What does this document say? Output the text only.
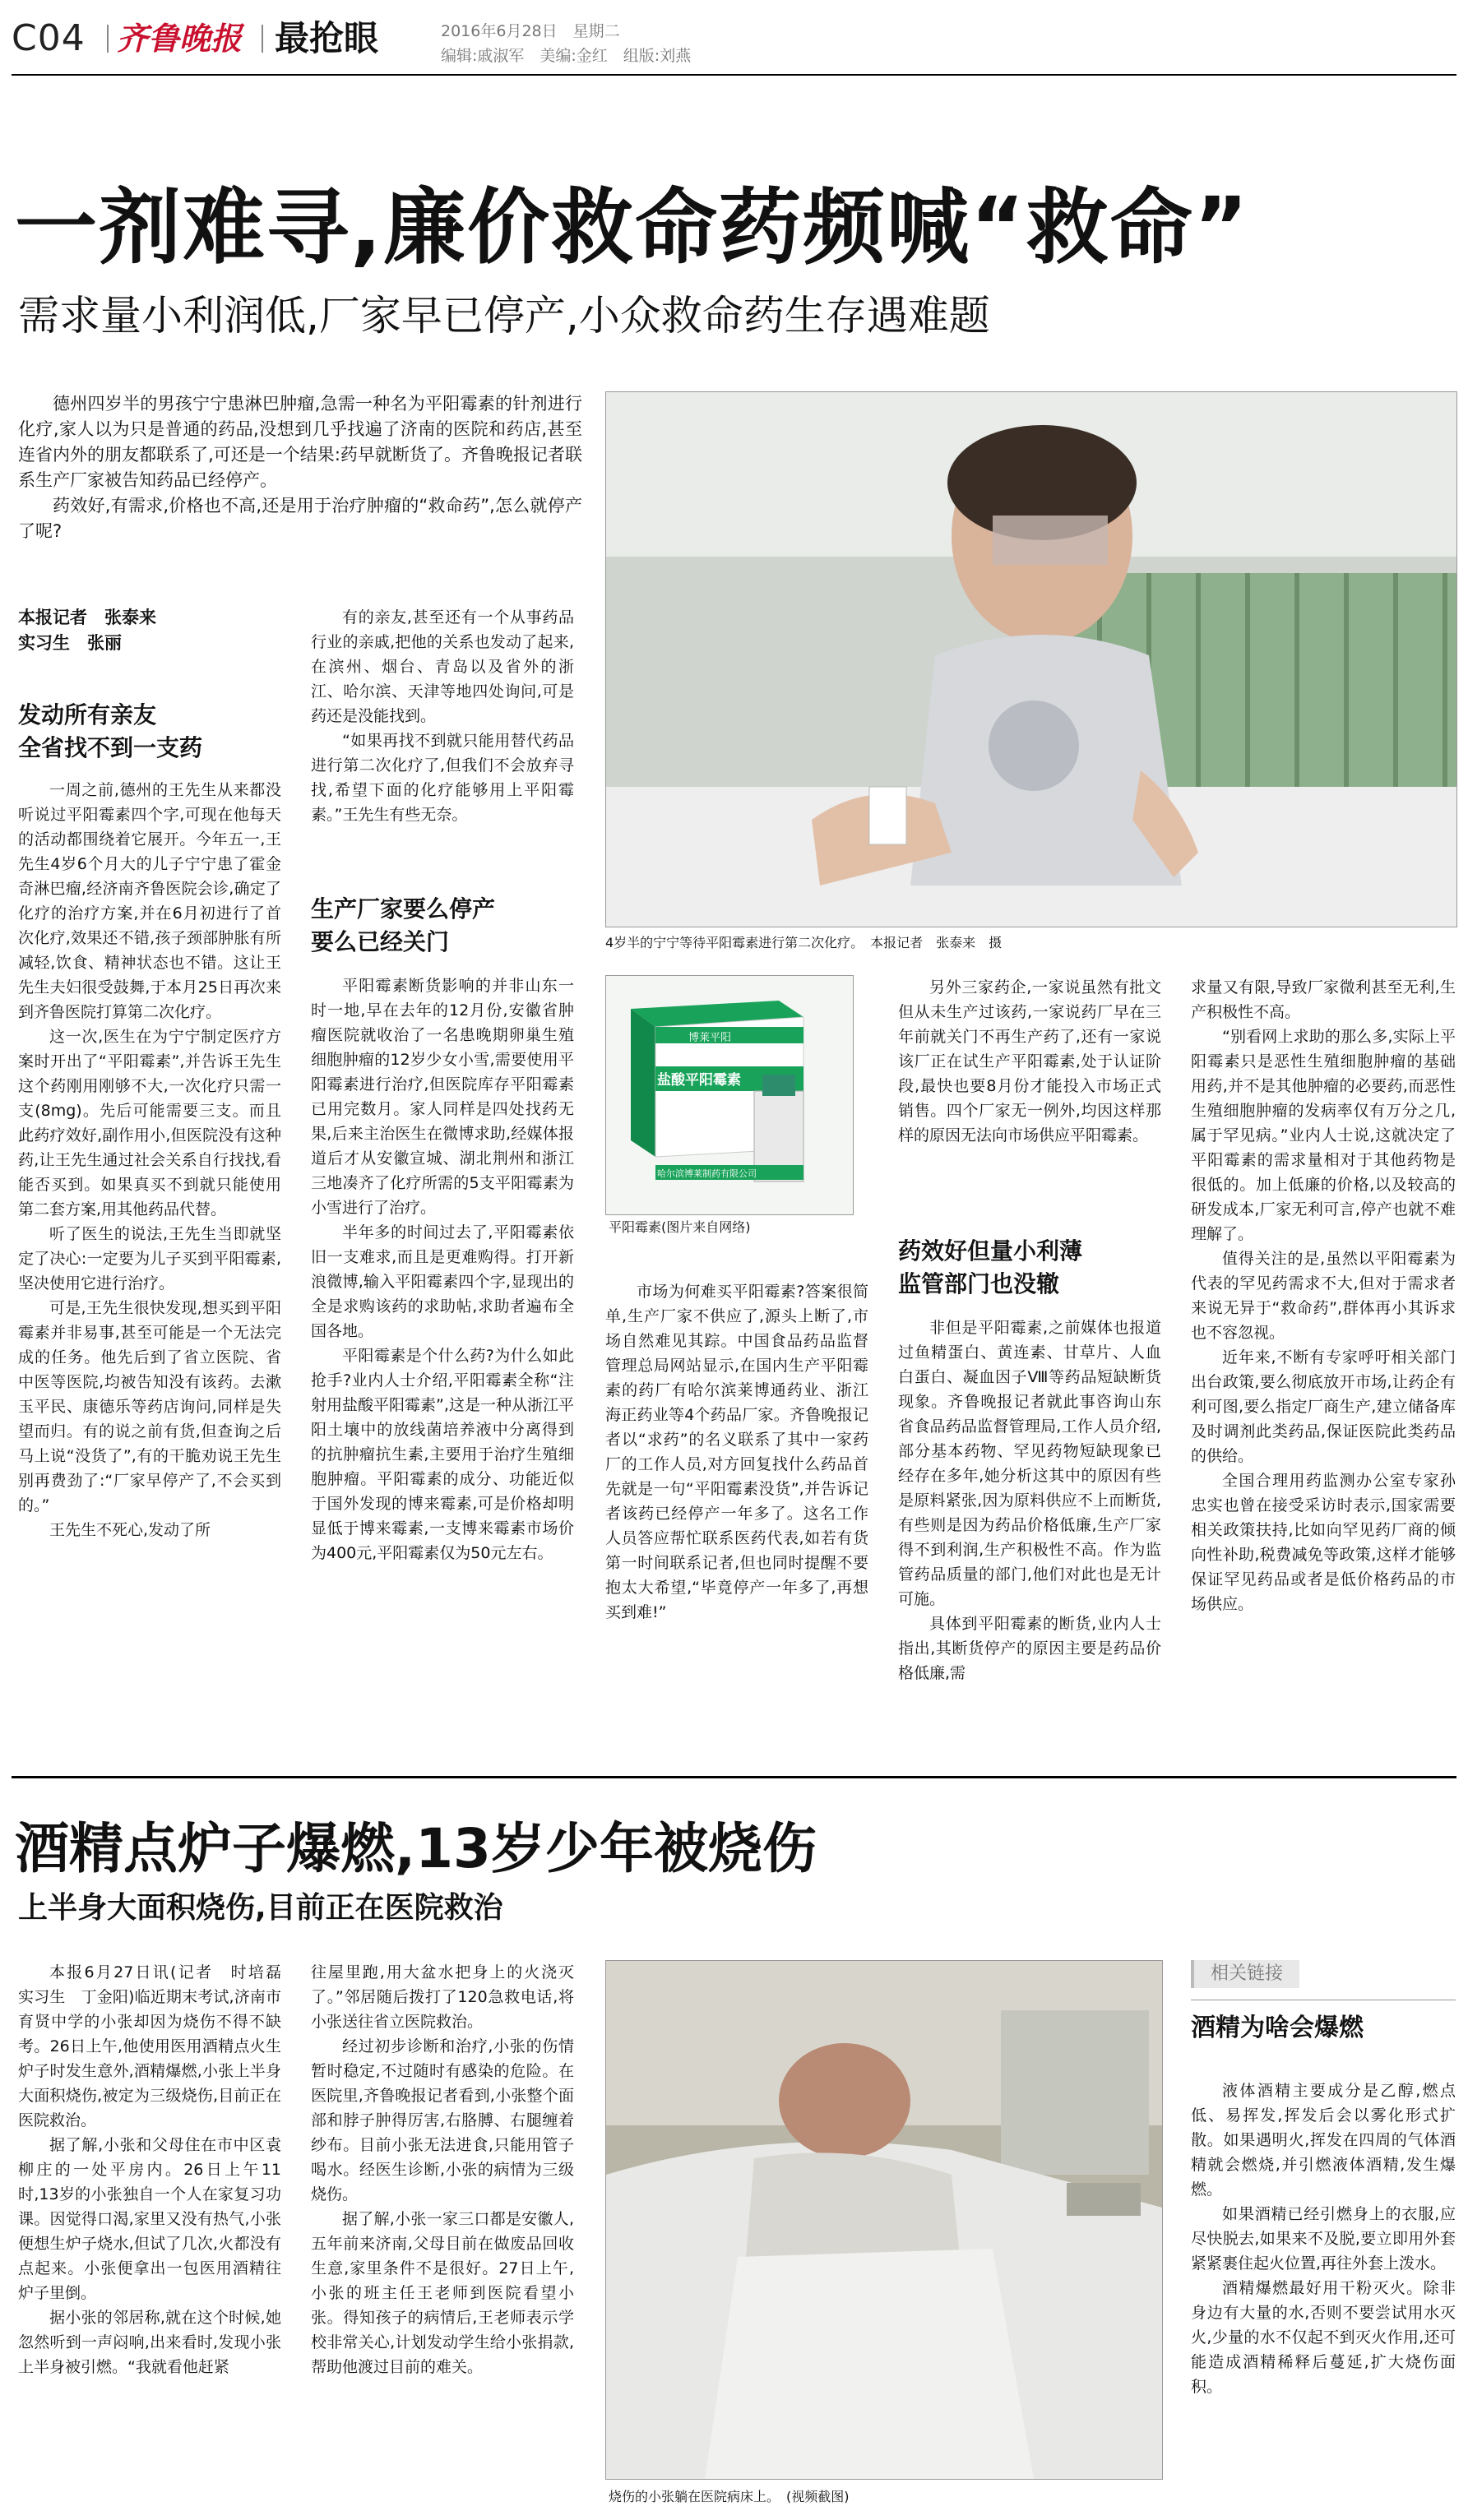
C04 齐鲁晚报 最抢眼	2016年6月28日　星期二
编辑:戚淑军　美编:金红　组版:刘燕
一剂难寻,廉价救命药频喊“救命”
需求量小利润低,厂家早已停产,小众救命药生存遇难题

德州四岁半的男孩宁宁患淋巴肿瘤,急需一种名为平阳霉素的针剂进行化疗,家人以为只是普通的药品,没想到几乎找遍了济南的医院和药店,甚至连省内外的朋友都联系了,可还是一个结果:药早就断货了。齐鲁晚报记者联系生产厂家被告知药品已经停产。

药效好,有需求,价格也不高,还是用于治疗肿瘤的“救命药”,怎么就停产了呢?

本报记者　张泰来
实习生　张丽
发动所有亲友
全省找不到一支药

一周之前,德州的王先生从来都没听说过平阳霉素四个字,可现在他每天的活动都围绕着它展开。今年五一,王先生4岁6个月大的儿子宁宁患了霍金奇淋巴瘤,经济南齐鲁医院会诊,确定了化疗的治疗方案,并在6月初进行了首次化疗,效果还不错,孩子颈部肿胀有所减轻,饮食、精神状态也不错。这让王先生夫妇很受鼓舞,于本月25日再次来到齐鲁医院打算第二次化疗。

这一次,医生在为宁宁制定医疗方案时开出了“平阳霉素”,并告诉王先生这个药刚用刚够不大,一次化疗只需一支(8mg)。先后可能需要三支。而且此药疗效好,副作用小,但医院没有这种药,让王先生通过社会关系自行找找,看能否买到。如果真买不到就只能使用第二套方案,用其他药品代替。

听了医生的说法,王先生当即就坚定了决心:一定要为儿子买到平阳霉素,坚决使用它进行治疗。

可是,王先生很快发现,想买到平阳霉素并非易事,甚至可能是一个无法完成的任务。他先后到了省立医院、省中医等医院,均被告知没有该药。去漱玉平民、康德乐等药店询问,同样是失望而归。有的说之前有货,但查询之后马上说“没货了”,有的干脆劝说王先生别再费劲了:“厂家早停产了,不会买到的。”

王先生不死心,发动了所

有的亲友,甚至还有一个从事药品行业的亲戚,把他的关系也发动了起来,在滨州、烟台、青岛以及省外的浙江、哈尔滨、天津等地四处询问,可是药还是没能找到。

“如果再找不到就只能用替代药品进行第二次化疗了,但我们不会放弃寻找,希望下面的化疗能够用上平阳霉素。”王先生有些无奈。

生产厂家要么停产
要么已经关门

平阳霉素断货影响的并非山东一时一地,早在去年的12月份,安徽省肿瘤医院就收治了一名患晚期卵巢生殖细胞肿瘤的12岁少女小雪,需要使用平阳霉素进行治疗,但医院库存平阳霉素已用完数月。家人同样是四处找药无果,后来主治医生在微博求助,经媒体报道后才从安徽宣城、湖北荆州和浙江三地凑齐了化疗所需的5支平阳霉素为小雪进行了治疗。

半年多的时间过去了,平阳霉素依旧一支难求,而且是更难购得。打开新浪微博,输入平阳霉素四个字,显现出的全是求购该药的求助帖,求助者遍布全国各地。

平阳霉素是个什么药?为什么如此抢手?业内人士介绍,平阳霉素全称“注射用盐酸平阳霉素”,这是一种从浙江平阳土壤中的放线菌培养液中分离得到的抗肿瘤抗生素,主要用于治疗生殖细胞肿瘤。平阳霉素的成分、功能近似于国外发现的博来霉素,可是价格却明显低于博来霉素,一支博来霉素市场价为400元,平阳霉素仅为50元左右。

4岁半的宁宁等待平阳霉素进行第二次化疗。　本报记者　张泰来　摄
盐酸平阳霉素
博莱平阳
哈尔滨博莱制药有限公司
平阳霉素(图片来自网络)

市场为何难买平阳霉素?答案很简单,生产厂家不供应了,源头上断了,市场自然难见其踪。中国食品药品监督管理总局网站显示,在国内生产平阳霉素的药厂有哈尔滨莱博通药业、浙江海正药业等4个药品厂家。齐鲁晚报记者以“求药”的名义联系了其中一家药厂的工作人员,对方回复找什么药品首先就是一句“平阳霉素没货”,并告诉记者该药已经停产一年多了。这名工作人员答应帮忙联系医药代表,如若有货第一时间联系记者,但也同时提醒不要抱太大希望,“毕竟停产一年多了,再想买到难!”

另外三家药企,一家说虽然有批文但从未生产过该药,一家说药厂早在三年前就关门不再生产药了,还有一家说该厂正在试生产平阳霉素,处于认证阶段,最快也要8月份才能投入市场正式销售。四个厂家无一例外,均因这样那样的原因无法向市场供应平阳霉素。

药效好但量小利薄
监管部门也没辙

非但是平阳霉素,之前媒体也报道过鱼精蛋白、黄连素、甘草片、人血白蛋白、凝血因子Ⅷ等药品短缺断货现象。齐鲁晚报记者就此事咨询山东省食品药品监督管理局,工作人员介绍,部分基本药物、罕见药物短缺现象已经存在多年,她分析这其中的原因有些是原料紧张,因为原料供应不上而断货,有些则是因为药品价格低廉,生产厂家得不到利润,生产积极性不高。作为监管药品质量的部门,他们对此也是无计可施。

具体到平阳霉素的断货,业内人士指出,其断货停产的原因主要是药品价格低廉,需

求量又有限,导致厂家微利甚至无利,生产积极性不高。

“别看网上求助的那么多,实际上平阳霉素只是恶性生殖细胞肿瘤的基础用药,并不是其他肿瘤的必要药,而恶性生殖细胞肿瘤的发病率仅有万分之几,属于罕见病。”业内人士说,这就决定了平阳霉素的需求量相对于其他药物是很低的。加上低廉的价格,以及较高的研发成本,厂家无利可言,停产也就不难理解了。

值得关注的是,虽然以平阳霉素为代表的罕见药需求不大,但对于需求者来说无异于“救命药”,群体再小其诉求也不容忽视。

近年来,不断有专家呼吁相关部门出台政策,要么彻底放开市场,让药企有利可图,要么指定厂商生产,建立储备库及时调剂此类药品,保证医院此类药品的供给。

全国合理用药监测办公室专家孙忠实也曾在接受采访时表示,国家需要相关政策扶持,比如向罕见药厂商的倾向性补助,税费减免等政策,这样才能够保证罕见药品或者是低价格药品的市场供应。

酒精点炉子爆燃,13岁少年被烧伤
上半身大面积烧伤,目前正在医院救治

本报6月27日讯(记者　时培磊　实习生　丁金阳)临近期末考试,济南市育贤中学的小张却因为烧伤不得不缺考。26日上午,他使用医用酒精点火生炉子时发生意外,酒精爆燃,小张上半身大面积烧伤,被定为三级烧伤,目前正在医院救治。

据了解,小张和父母住在市中区袁柳庄的一处平房内。26日上午11时,13岁的小张独自一个人在家复习功课。因觉得口渴,家里又没有热气,小张便想生炉子烧水,但试了几次,火都没有点起来。小张便拿出一包医用酒精往炉子里倒。

据小张的邻居称,就在这个时候,她忽然听到一声闷响,出来看时,发现小张上半身被引燃。“我就看他赶紧

往屋里跑,用大盆水把身上的火浇灭了。”邻居随后拨打了120急救电话,将小张送往省立医院救治。

经过初步诊断和治疗,小张的伤情暂时稳定,不过随时有感染的危险。在医院里,齐鲁晚报记者看到,小张整个面部和脖子肿得厉害,右胳膊、右腿缠着纱布。目前小张无法进食,只能用管子喝水。经医生诊断,小张的病情为三级烧伤。

据了解,小张一家三口都是安徽人,五年前来济南,父母目前在做废品回收生意,家里条件不是很好。27日上午,小张的班主任王老师到医院看望小张。得知孩子的病情后,王老师表示学校非常关心,计划发动学生给小张捐款,帮助他渡过目前的难关。

烧伤的小张躺在医院病床上。　(视频截图)
相关链接
酒精为啥会爆燃

液体酒精主要成分是乙醇,燃点低、易挥发,挥发后会以雾化形式扩散。如果遇明火,挥发在四周的气体酒精就会燃烧,并引燃液体酒精,发生爆燃。

如果酒精已经引燃身上的衣服,应尽快脱去,如果来不及脱,要立即用外套紧紧裹住起火位置,再往外套上泼水。

酒精爆燃最好用干粉灭火。除非身边有大量的水,否则不要尝试用水灭火,少量的水不仅起不到灭火作用,还可能造成酒精稀释后蔓延,扩大烧伤面积。
